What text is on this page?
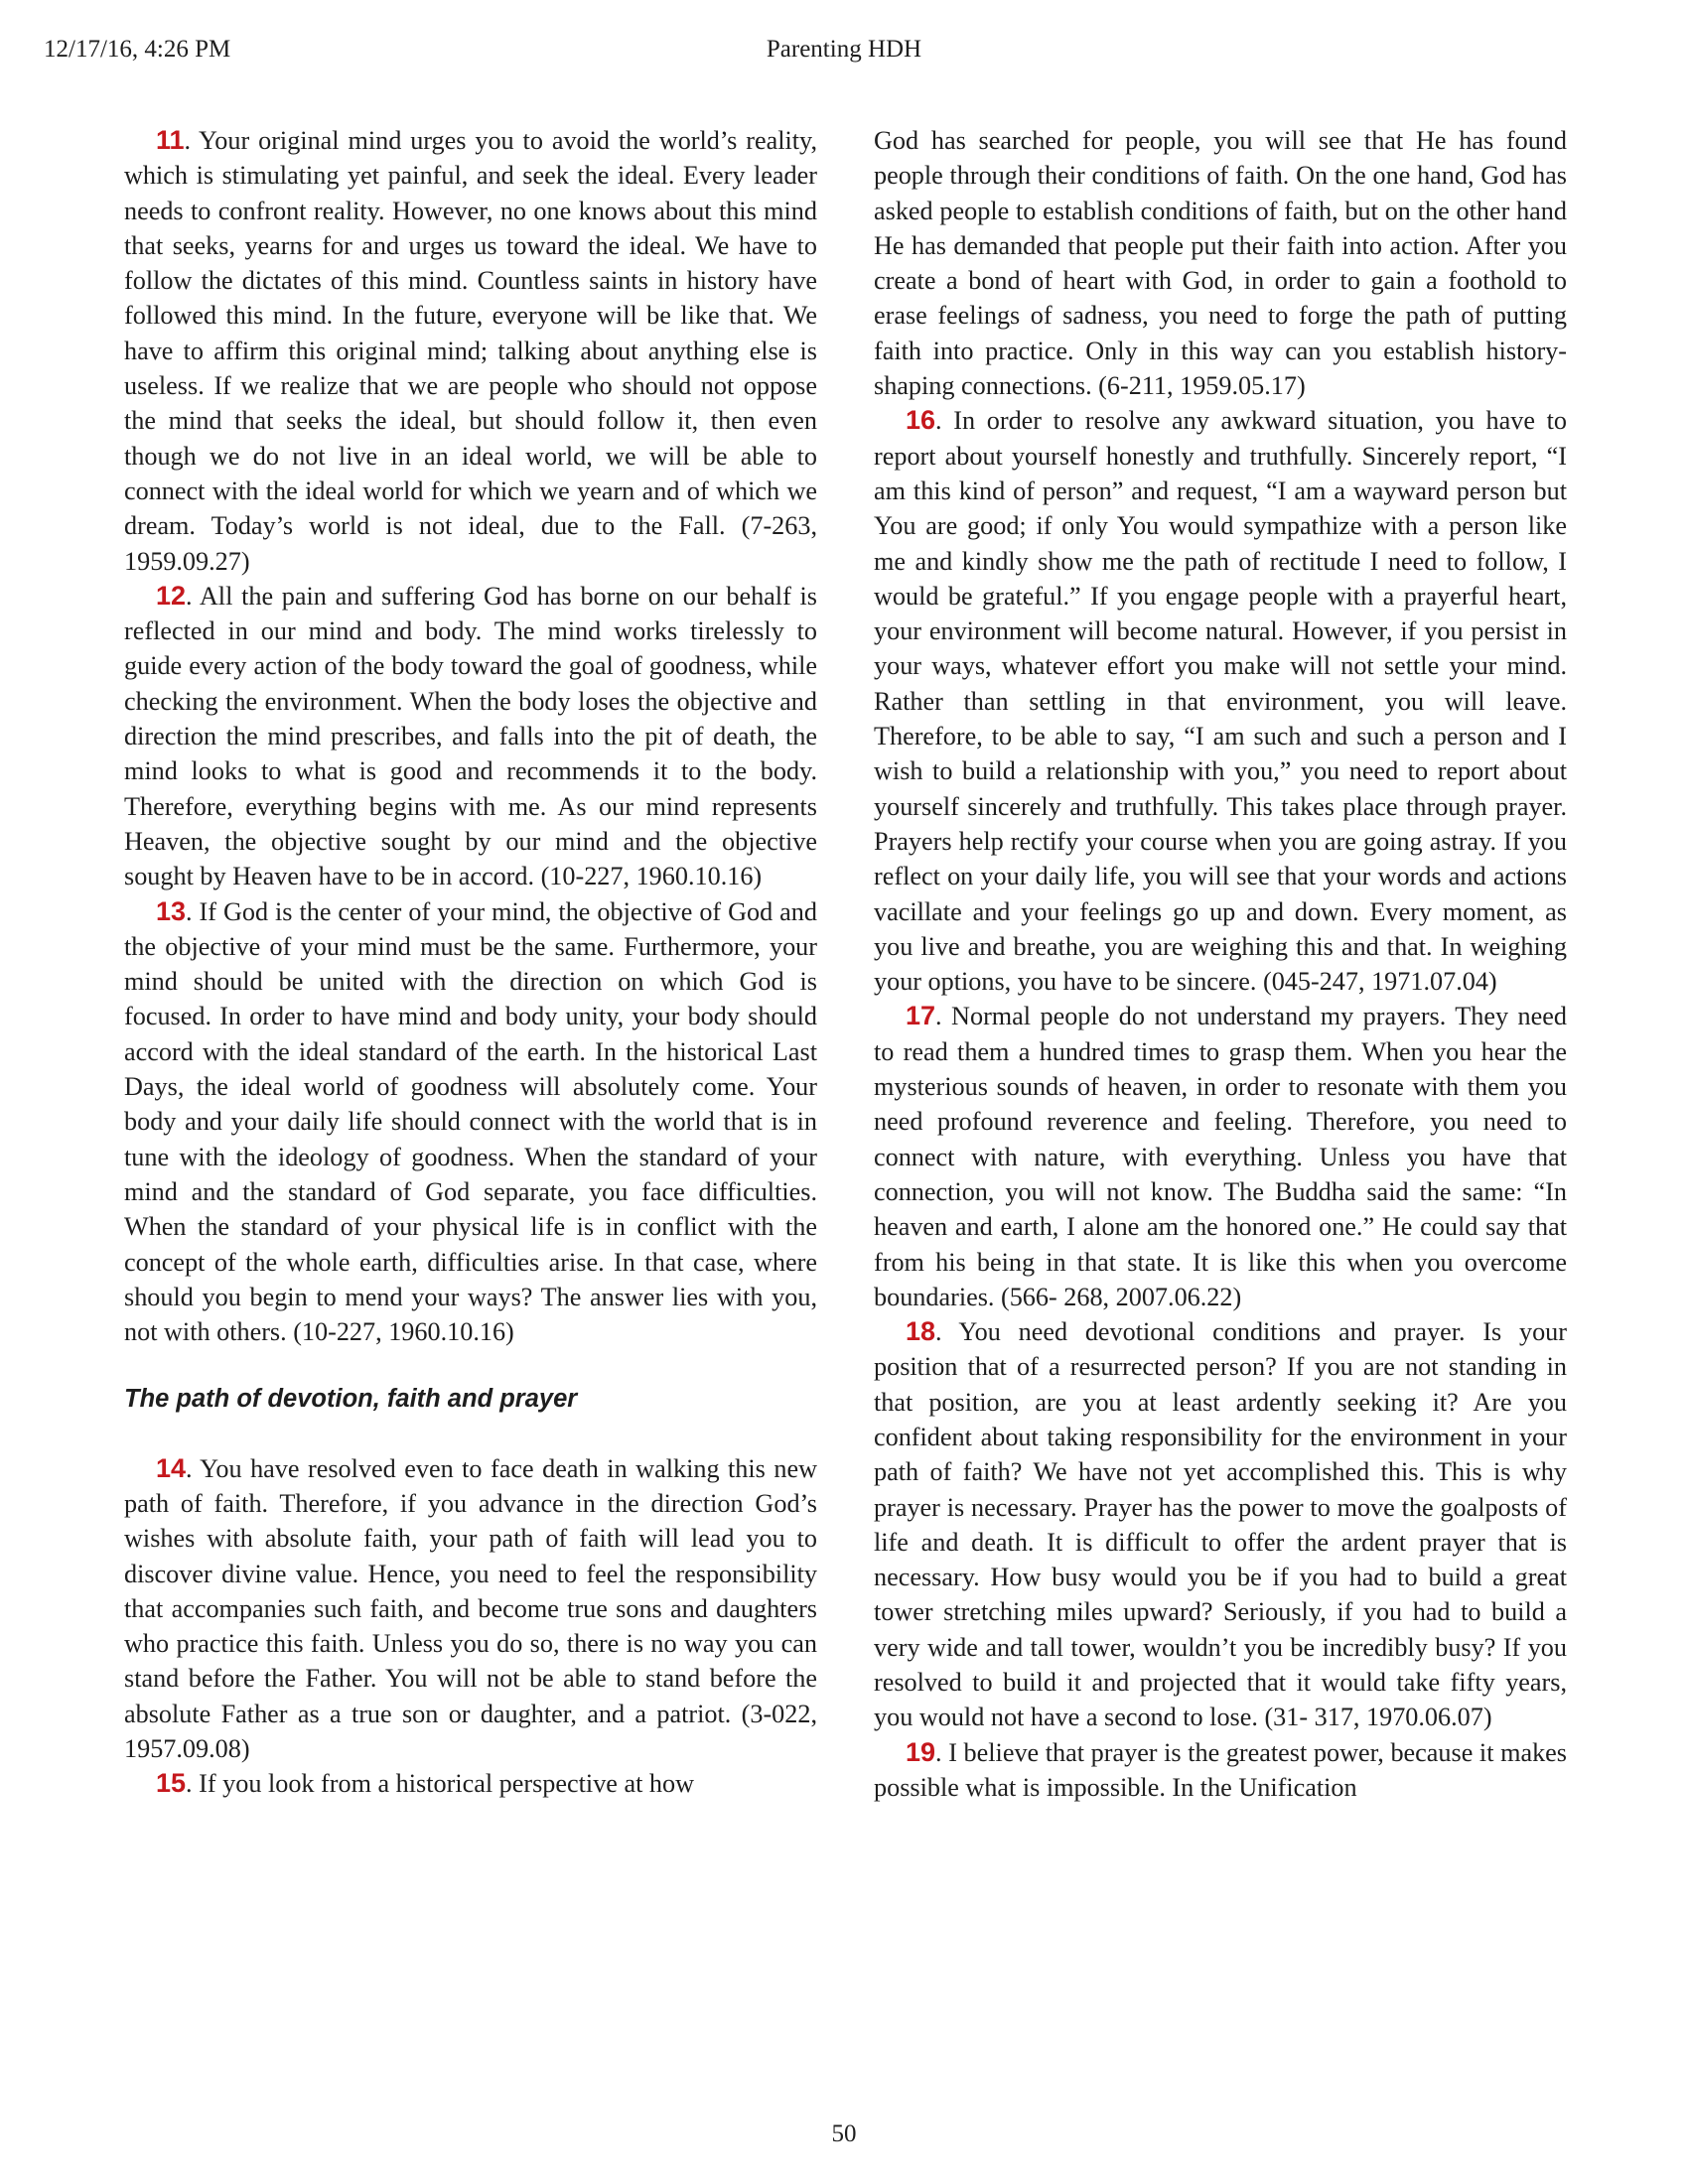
12/17/16, 4:26 PM	Parenting HDH

11. Your original mind urges you to avoid the world’s reality, which is stimulating yet painful, and seek the ideal. Every leader needs to confront reality. However, no one knows about this mind that seeks, yearns for and urges us toward the ideal. We have to follow the dictates of this mind. Countless saints in history have followed this mind. In the future, everyone will be like that. We have to affirm this original mind; talking about anything else is useless. If we realize that we are people who should not oppose the mind that seeks the ideal, but should follow it, then even though we do not live in an ideal world, we will be able to connect with the ideal world for which we yearn and of which we dream. Today’s world is not ideal, due to the Fall. (7-263, 1959.09.27)

12. All the pain and suffering God has borne on our behalf is reflected in our mind and body. The mind works tirelessly to guide every action of the body toward the goal of goodness, while checking the environment. When the body loses the objective and direction the mind prescribes, and falls into the pit of death, the mind looks to what is good and recommends it to the body. Therefore, everything begins with me. As our mind represents Heaven, the objective sought by our mind and the objective sought by Heaven have to be in accord. (10-227, 1960.10.16)

13. If God is the center of your mind, the objective of God and the objective of your mind must be the same. Furthermore, your mind should be united with the direction on which God is focused. In order to have mind and body unity, your body should accord with the ideal standard of the earth. In the historical Last Days, the ideal world of goodness will absolutely come. Your body and your daily life should connect with the world that is in tune with the ideology of goodness. When the standard of your mind and the standard of God separate, you face difficulties. When the standard of your physical life is in conflict with the concept of the whole earth, difficulties arise. In that case, where should you begin to mend your ways? The answer lies with you, not with others. (10-227, 1960.10.16)

The path of devotion, faith and prayer

14. You have resolved even to face death in walking this new path of faith. Therefore, if you advance in the direction God’s wishes with absolute faith, your path of faith will lead you to discover divine value. Hence, you need to feel the responsibility that accompanies such faith, and become true sons and daughters who practice this faith. Unless you do so, there is no way you can stand before the Father. You will not be able to stand before the absolute Father as a true son or daughter, and a patriot. (3-022, 1957.09.08)

15. If you look from a historical perspective at how

God has searched for people, you will see that He has found people through their conditions of faith. On the one hand, God has asked people to establish conditions of faith, but on the other hand He has demanded that people put their faith into action. After you create a bond of heart with God, in order to gain a foothold to erase feelings of sadness, you need to forge the path of putting faith into practice. Only in this way can you establish history-shaping connections. (6-211, 1959.05.17)

16. In order to resolve any awkward situation, you have to report about yourself honestly and truthfully. Sincerely report, “I am this kind of person” and request, “I am a wayward person but You are good; if only You would sympathize with a person like me and kindly show me the path of rectitude I need to follow, I would be grateful.” If you engage people with a prayerful heart, your environment will become natural. However, if you persist in your ways, whatever effort you make will not settle your mind. Rather than settling in that environment, you will leave. Therefore, to be able to say, “I am such and such a person and I wish to build a relationship with you,” you need to report about yourself sincerely and truthfully. This takes place through prayer. Prayers help rectify your course when you are going astray. If you reflect on your daily life, you will see that your words and actions vacillate and your feelings go up and down. Every moment, as you live and breathe, you are weighing this and that. In weighing your options, you have to be sincere. (045-247, 1971.07.04)

17. Normal people do not understand my prayers. They need to read them a hundred times to grasp them. When you hear the mysterious sounds of heaven, in order to resonate with them you need profound reverence and feeling. Therefore, you need to connect with nature, with everything. Unless you have that connection, you will not know. The Buddha said the same: “In heaven and earth, I alone am the honored one.” He could say that from his being in that state. It is like this when you overcome boundaries. (566- 268, 2007.06.22)

18. You need devotional conditions and prayer. Is your position that of a resurrected person? If you are not standing in that position, are you at least ardently seeking it? Are you confident about taking responsibility for the environment in your path of faith? We have not yet accomplished this. This is why prayer is necessary. Prayer has the power to move the goalposts of life and death. It is difficult to offer the ardent prayer that is necessary. How busy would you be if you had to build a great tower stretching miles upward? Seriously, if you had to build a very wide and tall tower, wouldn’t you be incredibly busy? If you resolved to build it and projected that it would take fifty years, you would not have a second to lose. (31- 317, 1970.06.07)

19. I believe that prayer is the greatest power, because it makes possible what is impossible. In the Unification

50
